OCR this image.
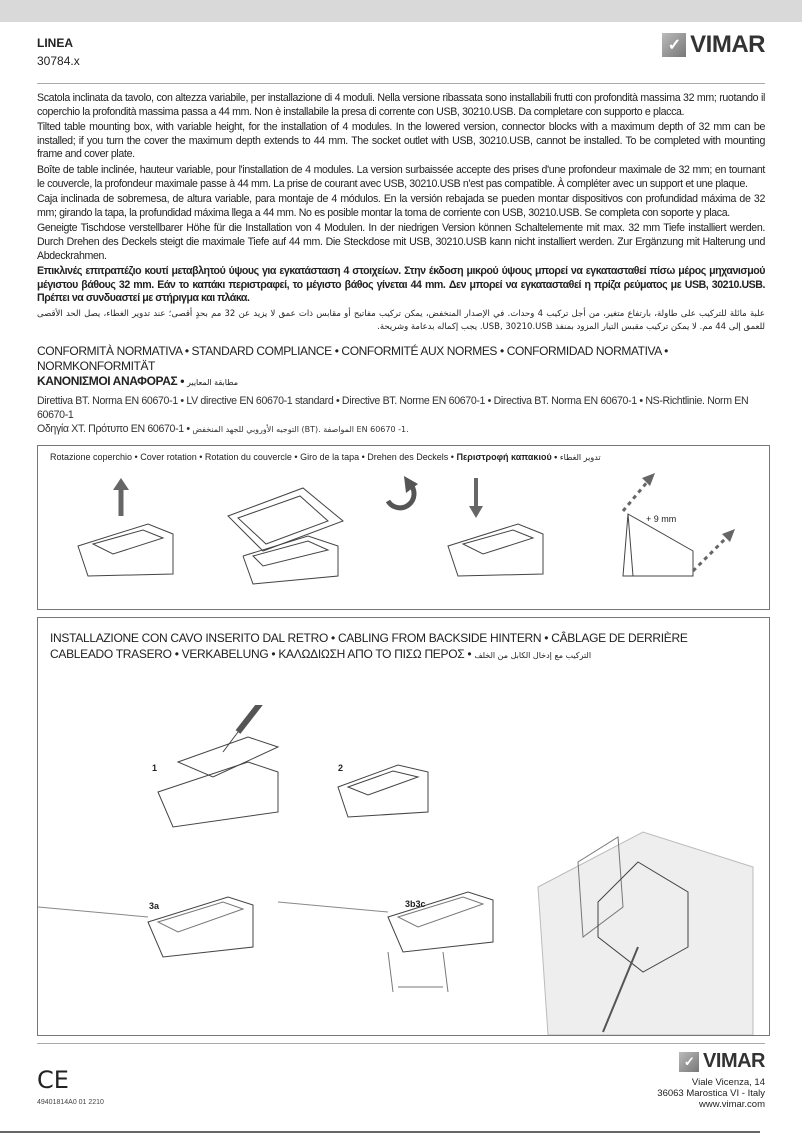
LINEA
30784.x
✓ VIMAR

Scatola inclinata da tavolo, con altezza variabile, per installazione di 4 moduli. Nella versione ribassata sono installabili frutti con profondità massima 32 mm; ruotando il coperchio la profondità massima passa a 44 mm. Non è installabile la presa di corrente con USB, 30210.USB. Da completare con supporto e placca.

Tilted table mounting box, with variable height, for the installation of 4 modules. In the lowered version, connector blocks with a maximum depth of 32 mm can be installed; if you turn the cover the maximum depth extends to 44 mm. The socket outlet with USB, 30210.USB, cannot be installed. To be completed with mounting frame and cover plate.

Boîte de table inclinée, hauteur variable, pour l'installation de 4 modules. La version surbaissée accepte des prises d'une profondeur maximale de 32 mm; en tournant le couvercle, la profondeur maximale passe à 44 mm. La prise de courant avec USB, 30210.USB n'est pas compatible. À compléter avec un support et une plaque.

Caja inclinada de sobremesa, de altura variable, para montaje de 4 módulos. En la versión rebajada se pueden montar dispositivos con profundidad máxima de 32 mm; girando la tapa, la profundidad máxima llega a 44 mm. No es posible montar la toma de corriente con USB, 30210.USB. Se completa con soporte y placa.

Geneigte Tischdose verstellbarer Höhe für die Installation von 4 Modulen. In der niedrigen Version können Schaltelemente mit max. 32 mm Tiefe installiert werden. Durch Drehen des Deckels steigt die maximale Tiefe auf 44 mm. Die Steckdose mit USB, 30210.USB kann nicht installiert werden. Zur Ergänzung mit Halterung und Abdeckrahmen.

Επικλινές επιτραπέζιο κουτί μεταβλητού ύψους για εγκατάσταση 4 στοιχείων. Στην έκδοση μικρού ύψους μπορεί να εγκατασταθεί πίσω μέρος μηχανισμού μέγιστου βάθους 32 mm. Εάν το καπάκι περιστραφεί, το μέγιστο βάθος γίνεται 44 mm. Δεν μπορεί να εγκατασταθεί η πρίζα ρεύματος με USB, 30210.USB. Πρέπει να συνδυαστεί με στήριγμα και πλάκα.

علبة مائلة للتركيب على طاولة، بارتفاع متغير، من أجل تركيب 4 وحدات. في الإصدار المنخفض، يمكن تركيب مفاتيح أو مقابس ذات عمق لا يزيد عن 32 مم بحدٍ أقصى؛ عند تدوير الغطاء، يصل الحد الأقصى للعمق إلى 44 مم. لا يمكن تركيب مقبس التيار المزود بمنفذ USB, 30210.USB. يجب إكماله بدعامة وشريحة.

CONFORMITÀ NORMATIVA • STANDARD COMPLIANCE • CONFORMITÉ AUX NORMES • CONFORMIDAD NORMATIVA • NORMKONFORMITÄT
ΚΑΝΟΝΙΣΜΟΙ ΑΝΑΦΟΡΑΣ • مطابقة المعايير
Direttiva BT. Norma EN 60670-1 • LV directive EN 60670-1 standard • Directive BT. Norme EN 60670-1 • Directiva BT. Norma EN 60670-1 • NS-Richtlinie. Norm EN 60670-1
Οδηγία ΧΤ. Πρότυπο EN 60670-1 • التوجيه الأوروبي للجهد المنخفض (BT). المواصفة EN 60670 -1.
Rotazione coperchio • Cover rotation • Rotation du couvercle • Giro de la tapa • Drehen des Deckels • Περιστροφή καπακιού • تدوير الغطاء
+ 9 mm
INSTALLAZIONE CON CAVO INSERITO DAL RETRO • CABLING FROM BACKSIDE HINTERN • CÂBLAGE DE DERRIÈRE
CABLEADO TRASERO • VERKABELUNG • ΚΑΛΩΔΙΩΣΗ ΑΠΟ ΤΟ ΠΙΣΩ ΠΕΡΟΣ • التركيب مع إدخال الكابل من الخلف
1	2
3a	3b3c
CE
49401814A0 01 2210
✓ VIMAR
Viale Vicenza, 14
36063 Marostica VI - Italy
www.vimar.com
